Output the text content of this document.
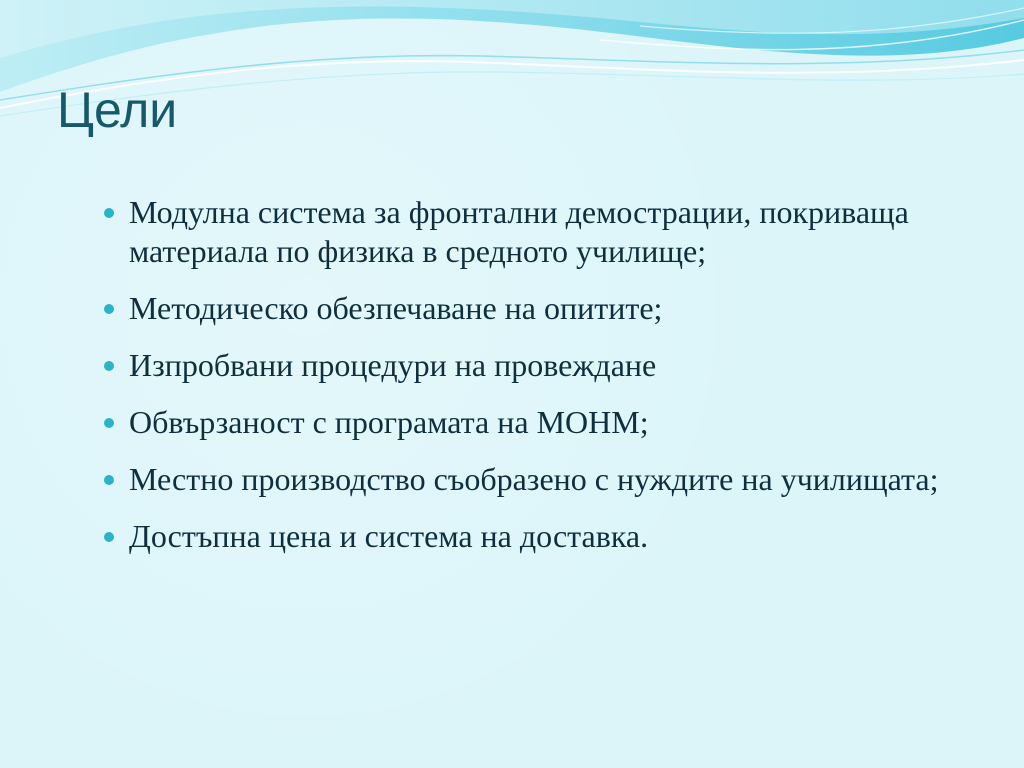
Цели
Модулна система за фронтални демострации, покриваща материала по физика в средното училище;
Методическо обезпечаване на опитите;
Изпробвани процедури на провеждане
Обвързаност с програмата на МОНМ;
Местно производство съобразено с нуждите на училищата;
Достъпна цена и система на доставка.
